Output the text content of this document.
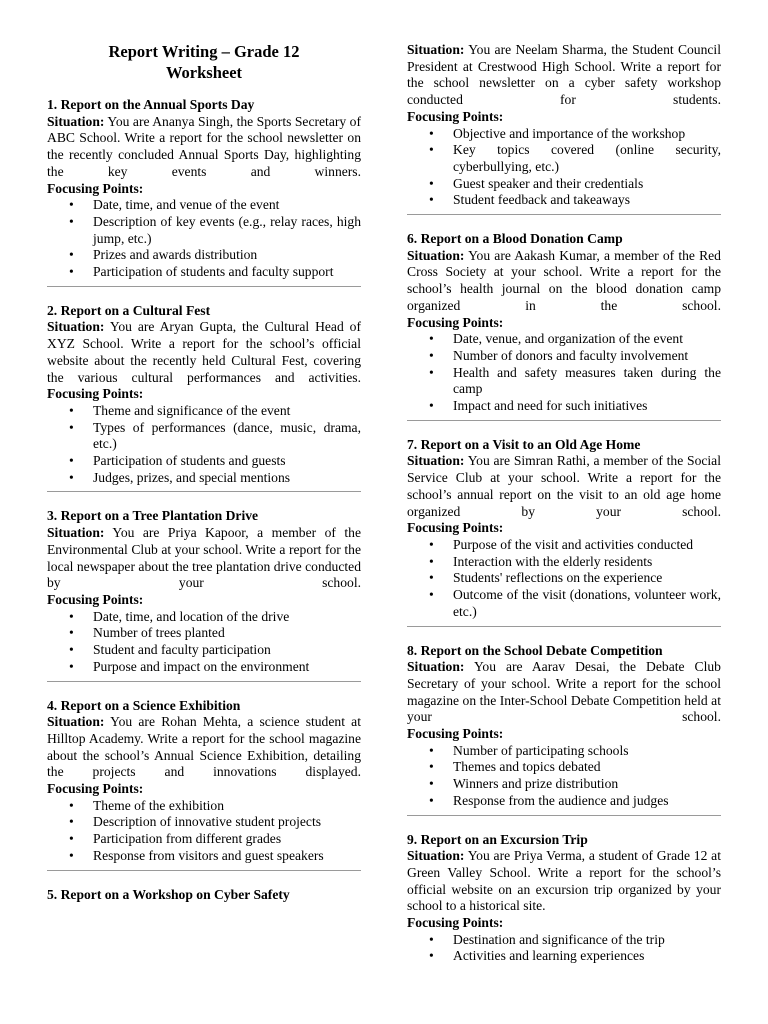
Report Writing – Grade 12
Worksheet
1. Report on the Annual Sports Day

Situation: You are Ananya Singh, the Sports Secretary of ABC School. Write a report for the school newsletter on the recently concluded Annual Sports Day, highlighting the key events and winners.

Focusing Points:
• Date, time, and venue of the event
• Description of key events (e.g., relay races, high jump, etc.)
• Prizes and awards distribution
• Participation of students and faculty support
2. Report on a Cultural Fest

Situation: You are Aryan Gupta, the Cultural Head of XYZ School. Write a report for the school’s official website about the recently held Cultural Fest, covering the various cultural performances and activities.

Focusing Points:
• Theme and significance of the event
• Types of performances (dance, music, drama, etc.)
• Participation of students and guests
• Judges, prizes, and special mentions
3. Report on a Tree Plantation Drive

Situation: You are Priya Kapoor, a member of the Environmental Club at your school. Write a report for the local newspaper about the tree plantation drive conducted by your school.

Focusing Points:
• Date, time, and location of the drive
• Number of trees planted
• Student and faculty participation
• Purpose and impact on the environment
4. Report on a Science Exhibition

Situation: You are Rohan Mehta, a science student at Hilltop Academy. Write a report for the school magazine about the school’s Annual Science Exhibition, detailing the projects and innovations displayed.

Focusing Points:
• Theme of the exhibition
• Description of innovative student projects
• Participation from different grades
• Response from visitors and guest speakers
5. Report on a Workshop on Cyber Safety

Situation: You are Neelam Sharma, the Student Council President at Crestwood High School. Write a report for the school newsletter on a cyber safety workshop conducted for students.

Focusing Points:
• Objective and importance of the workshop
• Key topics covered (online security, cyberbullying, etc.)
• Guest speaker and their credentials
• Student feedback and takeaways
6. Report on a Blood Donation Camp

Situation: You are Aakash Kumar, a member of the Red Cross Society at your school. Write a report for the school’s health journal on the blood donation camp organized in the school.

Focusing Points:
• Date, venue, and organization of the event
• Number of donors and faculty involvement
• Health and safety measures taken during the camp
• Impact and need for such initiatives
7. Report on a Visit to an Old Age Home

Situation: You are Simran Rathi, a member of the Social Service Club at your school. Write a report for the school’s annual report on the visit to an old age home organized by your school.

Focusing Points:
• Purpose of the visit and activities conducted
• Interaction with the elderly residents
• Students' reflections on the experience
• Outcome of the visit (donations, volunteer work, etc.)
8. Report on the School Debate Competition

Situation: You are Aarav Desai, the Debate Club Secretary of your school. Write a report for the school magazine on the Inter-School Debate Competition held at your school.

Focusing Points:
• Number of participating schools
• Themes and topics debated
• Winners and prize distribution
• Response from the audience and judges
9. Report on an Excursion Trip

Situation: You are Priya Verma, a student of Grade 12 at Green Valley School. Write a report for the school’s official website on an excursion trip organized by your school to a historical site.

Focusing Points:
• Destination and significance of the trip
• Activities and learning experiences
